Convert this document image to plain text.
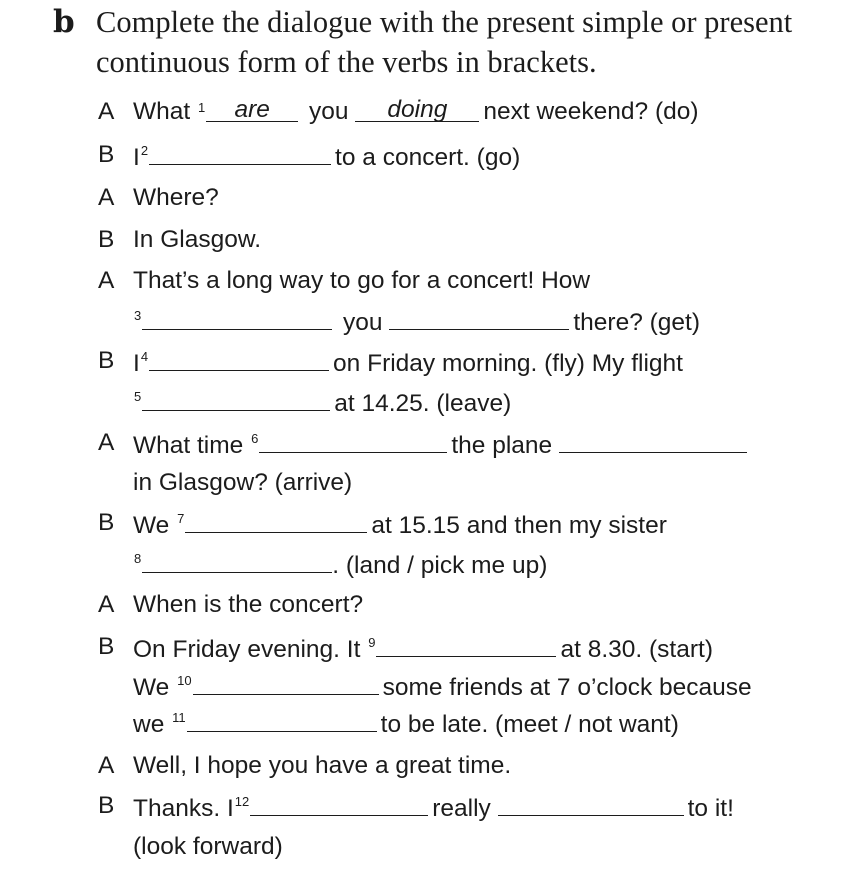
b Complete the dialogue with the present simple or present continuous form of the verbs in brackets.
A What $^1$ are you doing next weekend? (do)
B $I^2$	to a concert. (go)
A Where?
B In Glasgow.
A That’s a long way to go for a concert! How
$^3$	you	there? (get)
B $I^4$	on Friday morning. (fly) My flight
$^5$	at 14.25. (leave)
A What time $^6$	the plane
in Glasgow? (arrive)
B We $^7$	at 15.15 and then my sister
$^8$	. (land / pick me up)
A When is the concert?
B On Friday evening. It $^9$	at 8.30. (start)
We $^{10}$	some friends at 7 o’clock because
we $^{11}$	to be late. (meet / not want)
A Well, I hope you have a great time.
B Thanks. $I^{12}$	really	to it!
(look forward)
